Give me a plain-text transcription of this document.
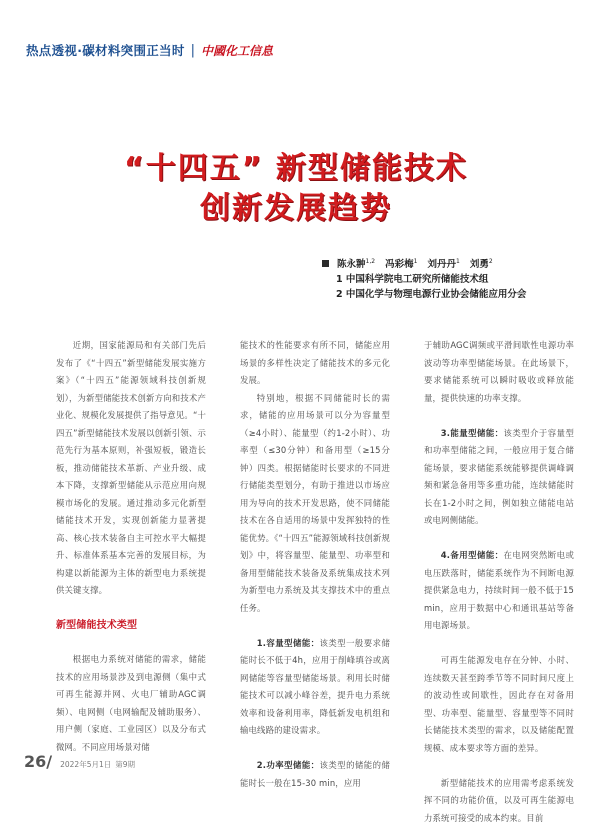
热点透视·碳材料突围正当时 | 中國化工信息
“十四五” 新型储能技术
创新发展趋势
陈永翀$^{1,2}$ 冯彩梅$^1$ 刘丹丹$^1$ 刘勇$^2$
1 中国科学院电工研究所储能技术组
2 中国化学与物理电源行业协会储能应用分会

近期，国家能源局和有关部门先后发布了《“十四五”新型储能发展实施方案》（“十四五”能源领域科技创新规划），为新型储能技术创新方向和技术产业化、规模化发展提供了指导意见。“十四五”新型储能技术发展以创新引领、示范先行为基本原则，补强短板，锻造长板，推动储能技术革新、产业升级、成本下降，支撑新型储能从示范应用向规模市场化的发展。通过推动多元化新型储能技术开发，实现创新能力显著提高、核心技术装备自主可控水平大幅提升、标准体系基本完善的发展目标，为构建以新能源为主体的新型电力系统提供关键支撑。

新型储能技术类型

根据电力系统对储能的需求，储能技术的应用场景涉及到电源侧（集中式可再生能源并网、火电厂辅助AGC调频）、电网侧（电网输配及辅助服务）、用户侧（家庭、工业园区）以及分布式微网。不同应用场景对储

能技术的性能要求有所不同，储能应用场景的多样性决定了储能技术的多元化发展。

特别地，根据不同储能时长的需求，储能的应用场景可以分为容量型（≥4小时）、能量型（约1-2小时）、功率型（≤30分钟）和备用型（≥15分钟）四类。根据储能时长要求的不同进行储能类型划分，有助于推进以市场应用为导向的技术开发思路，使不同储能技术在各自适用的场景中发挥独特的性能优势。《“十四五”能源领域科技创新规划》中，将容量型、能量型、功率型和备用型储能技术装备及系统集成技术列为新型电力系统及其支撑技术中的重点任务。

1.容量型储能：该类型一般要求储能时长不低于4h，应用于削峰填谷或离网储能等容量型储能场景。利用长时储能技术可以减小峰谷差，提升电力系统效率和设备利用率，降低新发电机组和输电线路的建设需求。

2.功率型储能：该类型的储能的储能时长一般在15-30 min，应用

于辅助AGC调频或平滑间歇性电源功率波动等功率型储能场景。在此场景下，要求储能系统可以瞬时吸收或释放能量，提供快速的功率支撑。

3.能量型储能：该类型介于容量型和功率型储能之间，一般应用于复合储能场景，要求储能系统能够提供调峰调频和紧急备用等多重功能，连续储能时长在1-2小时之间，例如独立储能电站或电网侧储能。

4.备用型储能：在电网突然断电或电压跌落时，储能系统作为不间断电源提供紧急电力，持续时间一般不低于15 min，应用于数据中心和通讯基站等备用电源场景。

可再生能源发电存在分钟、小时、连续数天甚至跨季节等不同时间尺度上的波动性或间歇性，因此存在对备用型、功率型、能量型、容量型等不同时长储能技术类型的需求，以及储能配置规模、成本要求等方面的差异。

新型储能技术的应用需考虑系统发挥不同的功能价值，以及可再生能源电力系统可接受的成本约束。目前

26 / 2022年5月1日 第9期
